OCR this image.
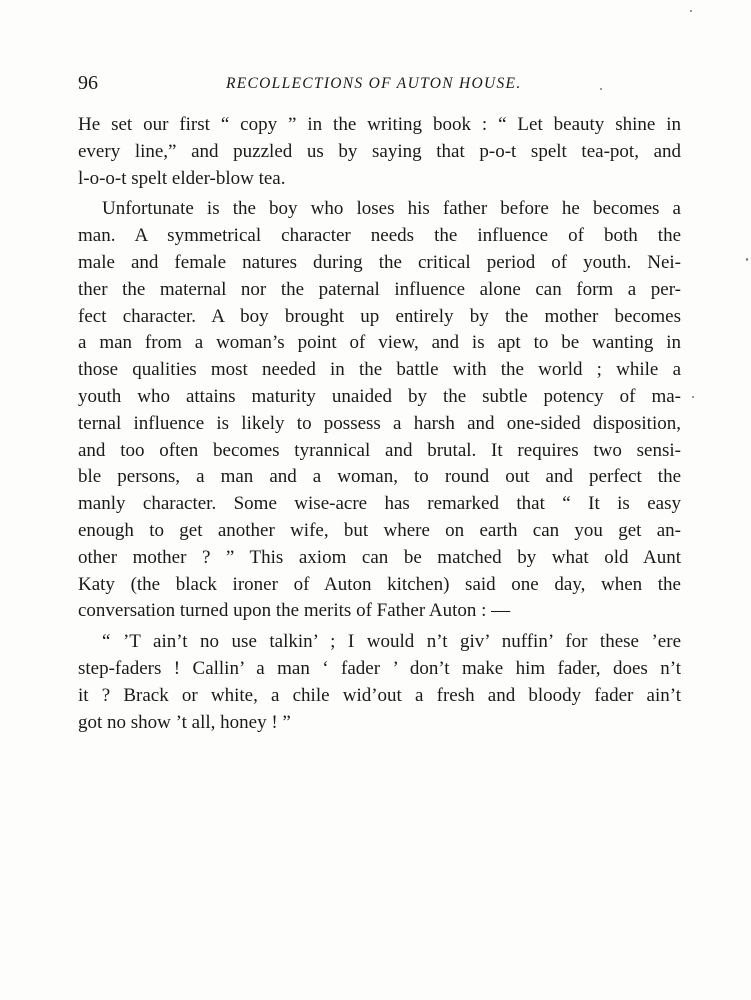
96	RECOLLECTIONS OF AUTON HOUSE.
He set our first “ copy ” in the writing book : “ Let beauty shine in
every line,” and puzzled us by saying that p-o-t spelt tea-pot, and
l-o-o-t spelt elder-blow tea.
Unfortunate is the boy who loses his father before he becomes a
man. A symmetrical character needs the influence of both the
male and female natures during the critical period of youth. Nei-
ther the maternal nor the paternal influence alone can form a per-
fect character. A boy brought up entirely by the mother becomes
a man from a woman’s point of view, and is apt to be wanting in
those qualities most needed in the battle with the world ; while a
youth who attains maturity unaided by the subtle potency of ma-
ternal influence is likely to possess a harsh and one-sided disposition,
and too often becomes tyrannical and brutal. It requires two sensi-
ble persons, a man and a woman, to round out and perfect the
manly character. Some wise-acre has remarked that “ It is easy
enough to get another wife, but where on earth can you get an-
other mother ? ” This axiom can be matched by what old Aunt
Katy (the black ironer of Auton kitchen) said one day, when the
conversation turned upon the merits of Father Auton : —
“ ’T ain’t no use talkin’ ; I would n’t giv’ nuffin’ for these ’ere
step-faders ! Callin’ a man ‘ fader ’ don’t make him fader, does n’t
it ? Brack or white, a chile wid’out a fresh and bloody fader ain’t
got no show ’t all, honey ! ”
